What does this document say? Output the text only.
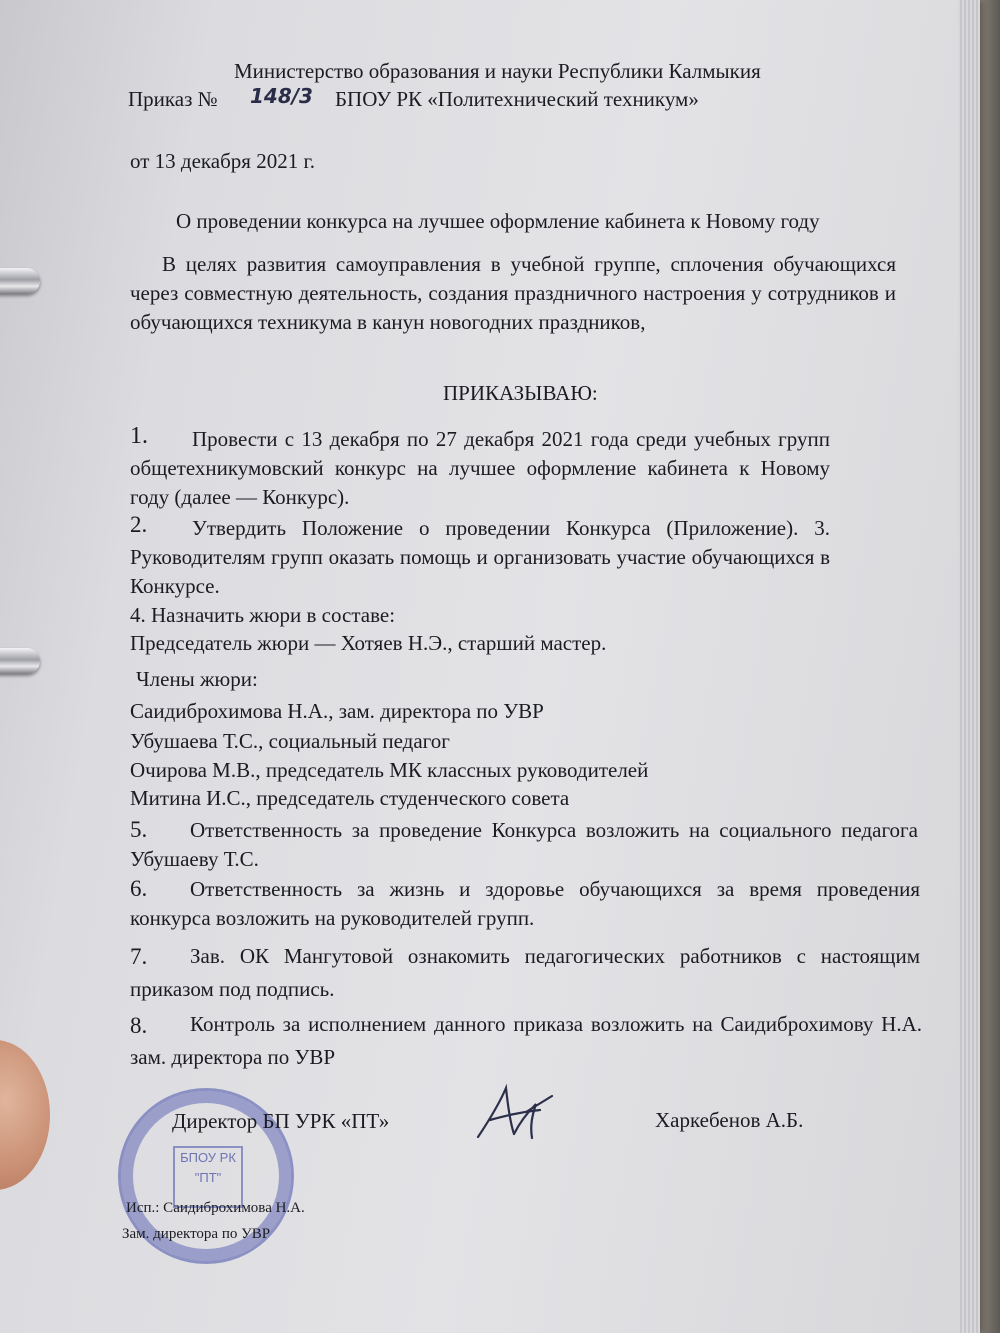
Министерство образования и науки Республики Калмыкия
Приказ № 148/3 БПОУ РК «Политехнический техникум»
от 13 декабря 2021 г.
О проведении конкурса на лучшее оформление кабинета к Новому году
В целях развития самоуправления в учебной группе, сплочения обучающихся через совместную деятельность, создания праздничного настроения у сотрудников и обучающихся техникума в канун новогодних праздников,
ПРИКАЗЫВАЮ:
1.	Провести с 13 декабря по 27 декабря 2021 года среди учебных групп общетехникумовский конкурс на лучшее оформление кабинета к Новому году (далее — Конкурс).
2.	Утвердить Положение о проведении Конкурса (Приложение). 3. Руководителям групп оказать помощь и организовать участие обучающихся в Конкурсе.
4. Назначить жюри в составе:
Председатель жюри — Хотяев Н.Э., старший мастер.
Члены жюри:
Саидиброхимова Н.А., зам. директора по УВР
Убушаева Т.С., социальный педагог
Очирова М.В., председатель МК классных руководителей
Митина И.С., председатель студенческого совета
5.	Ответственность за проведение Конкурса возложить на социального педагога Убушаеву Т.С.
6.	Ответственность за жизнь и здоровье обучающихся за время проведения конкурса возложить на руководителей групп.
7.	Зав. ОК Мангутовой ознакомить педагогических работников с настоящим приказом под подпись.
8.	Контроль за исполнением данного приказа возложить на Саидиброхимову Н.А. зам. директора по УВР
БПОУ РК
"ПТ"
Директор БП УРК «ПТ»	Харкебенов А.Б.
Исп.: Саидиброхимова Н.А.
Зам. директора по УВР
